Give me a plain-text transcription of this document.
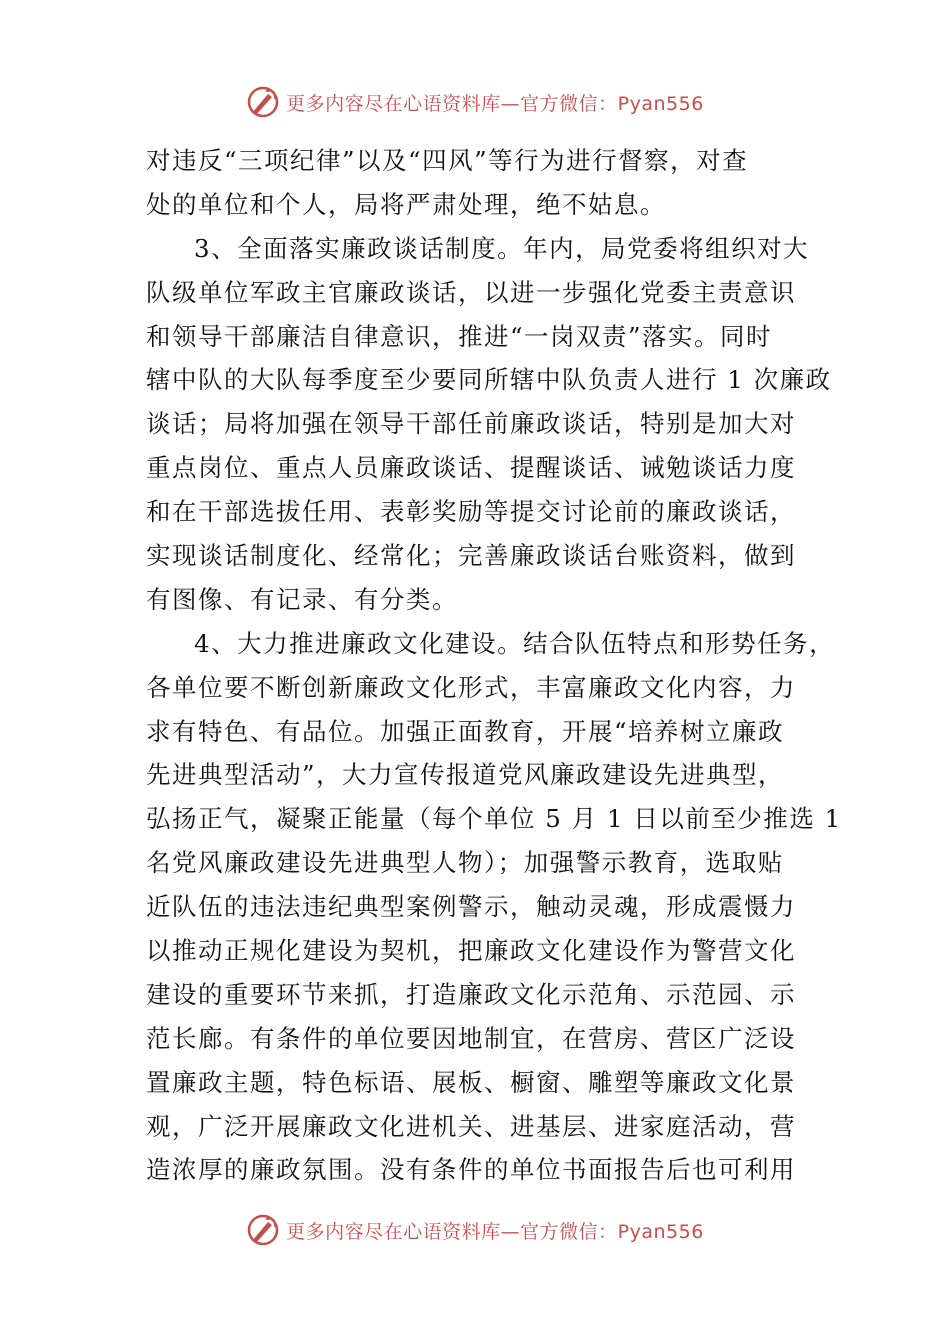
更多内容尽在心语资料库—官方微信：Pyan556
对违反“三项纪律”以及“四风”等行为进行督察，对查
处的单位和个人，局将严肃处理，绝不姑息。
3、全面落实廉政谈话制度。年内，局党委将组织对大
队级单位军政主官廉政谈话，以进一步强化党委主责意识
和领导干部廉洁自律意识，推进“一岗双责”落实。同时
辖中队的大队每季度至少要同所辖中队负责人进行 1 次廉政
谈话；局将加强在领导干部任前廉政谈话，特别是加大对
重点岗位、重点人员廉政谈话、提醒谈话、诫勉谈话力度
和在干部选拔任用、表彰奖励等提交讨论前的廉政谈话，
实现谈话制度化、经常化；完善廉政谈话台账资料，做到
有图像、有记录、有分类。
4、大力推进廉政文化建设。结合队伍特点和形势任务，
各单位要不断创新廉政文化形式，丰富廉政文化内容，力
求有特色、有品位。加强正面教育，开展“培养树立廉政
先进典型活动”，大力宣传报道党风廉政建设先进典型，
弘扬正气，凝聚正能量（每个单位 5 月 1 日以前至少推选 1
名党风廉政建设先进典型人物）；加强警示教育，选取贴
近队伍的违法违纪典型案例警示，触动灵魂，形成震慑力
以推动正规化建设为契机，把廉政文化建设作为警营文化
建设的重要环节来抓，打造廉政文化示范角、示范园、示
范长廊。有条件的单位要因地制宜，在营房、营区广泛设
置廉政主题，特色标语、展板、橱窗、雕塑等廉政文化景
观，广泛开展廉政文化进机关、进基层、进家庭活动，营
造浓厚的廉政氛围。没有条件的单位书面报告后也可利用
更多内容尽在心语资料库—官方微信：Pyan556
